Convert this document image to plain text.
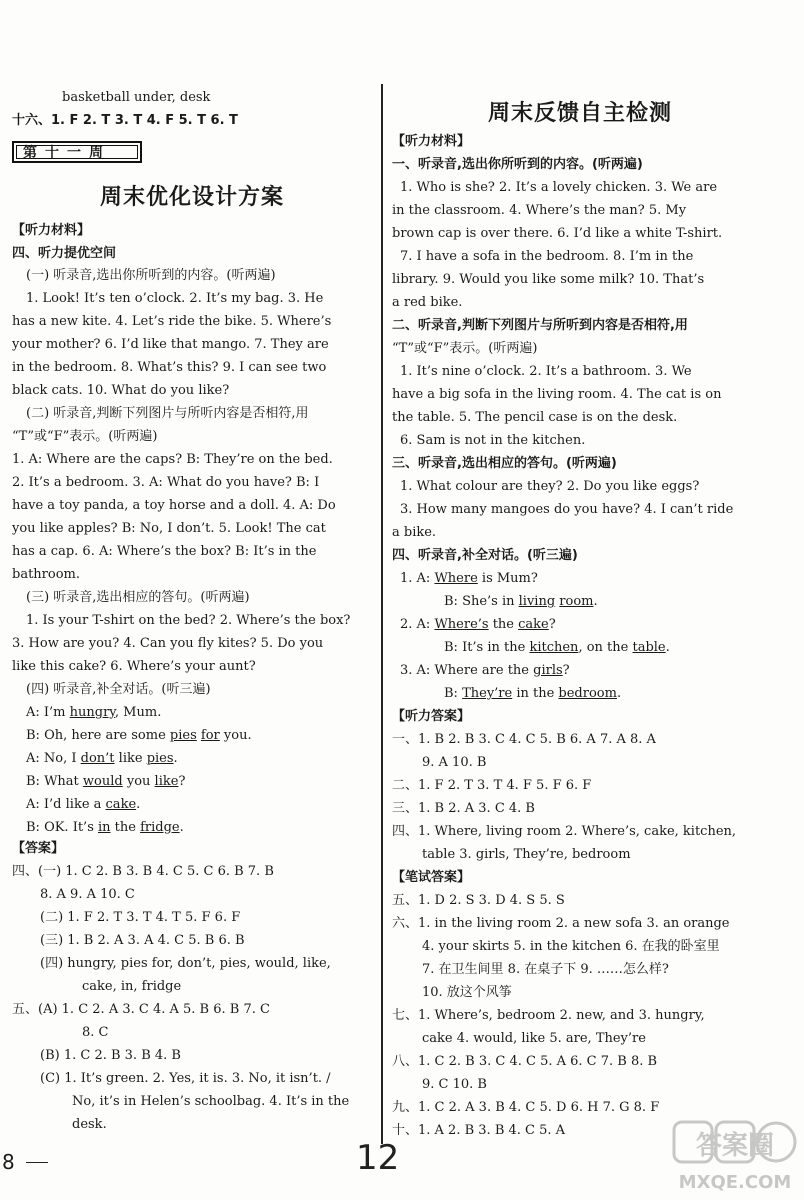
basketball under, desk
十六、1. F 2. T 3. T 4. F 5. T 6. T
第十一周
周末优化设计方案
【听力材料】
四、听力提优空间
(一) 听录音,选出你所听到的内容。(听两遍)
1. Look! It’s ten o’clock. 2. It’s my bag. 3. He
has a new kite. 4. Let’s ride the bike. 5. Where’s
your mother? 6. I’d like that mango. 7. They are
in the bedroom. 8. What’s this? 9. I can see two
black cats. 10. What do you like?
(二) 听录音,判断下列图片与所听内容是否相符,用
“T”或“F”表示。(听两遍)
1. A: Where are the caps? B: They’re on the bed.
2. It’s a bedroom. 3. A: What do you have? B: I
have a toy panda, a toy horse and a doll. 4. A: Do
you like apples? B: No, I don’t. 5. Look! The cat
has a cap. 6. A: Where’s the box? B: It’s in the
bathroom.
(三) 听录音,选出相应的答句。(听两遍)
1. Is your T-shirt on the bed? 2. Where’s the box?
3. How are you? 4. Can you fly kites? 5. Do you
like this cake? 6. Where’s your aunt?
(四) 听录音,补全对话。(听三遍)
A: I’m hungry, Mum.
B: Oh, here are some pies for you.
A: No, I don’t like pies.
B: What would you like?
A: I’d like a cake.
B: OK. It’s in the fridge.
【答案】
四、(一) 1. C 2. B 3. B 4. C 5. C 6. B 7. B
8. A 9. A 10. C
(二) 1. F 2. T 3. T 4. T 5. F 6. F
(三) 1. B 2. A 3. A 4. C 5. B 6. B
(四) hungry, pies for, don’t, pies, would, like,
cake, in, fridge
五、(A) 1. C 2. A 3. C 4. A 5. B 6. B 7. C
8. C
(B) 1. C 2. B 3. B 4. B
(C) 1. It’s green. 2. Yes, it is. 3. No, it isn’t. /
No, it’s in Helen’s schoolbag. 4. It’s in the
desk.
周末反馈自主检测
【听力材料】
一、听录音,选出你所听到的内容。(听两遍)
1. Who is she? 2. It’s a lovely chicken. 3. We are
in the classroom. 4. Where’s the man? 5. My
brown cap is over there. 6. I’d like a white T-shirt.
7. I have a sofa in the bedroom. 8. I’m in the
library. 9. Would you like some milk? 10. That’s
a red bike.
二、听录音,判断下列图片与所听到内容是否相符,用
“T”或“F”表示。(听两遍)
1. It’s nine o’clock. 2. It’s a bathroom. 3. We
have a big sofa in the living room. 4. The cat is on
the table. 5. The pencil case is on the desk.
6. Sam is not in the kitchen.
三、听录音,选出相应的答句。(听两遍)
1. What colour are they? 2. Do you like eggs?
3. How many mangoes do you have? 4. I can’t ride
a bike.
四、听录音,补全对话。(听三遍)
1. A: Where is Mum?
B: She’s in living room.
2. A: Where’s the cake?
B: It’s in the kitchen, on the table.
3. A: Where are the girls?
B: They’re in the bedroom.
【听力答案】
一、1. B 2. B 3. C 4. C 5. B 6. A 7. A 8. A
9. A 10. B
二、1. F 2. T 3. T 4. F 5. F 6. F
三、1. B 2. A 3. C 4. B
四、1. Where, living room 2. Where’s, cake, kitchen,
table 3. girls, They’re, bedroom
【笔试答案】
五、1. D 2. S 3. D 4. S 5. S
六、1. in the living room 2. a new sofa 3. an orange
4. your skirts 5. in the kitchen 6. 在我的卧室里
7. 在卫生间里 8. 在桌子下 9. ……怎么样?
10. 放这个风筝
七、1. Where’s, bedroom 2. new, and 3. hungry,
cake 4. would, like 5. are, They’re
八、1. C 2. B 3. C 4. C 5. A 6. C 7. B 8. B
9. C 10. B
九、1. C 2. A 3. B 4. C 5. D 6. H 7. G 8. F
十、1. A 2. B 3. B 4. C 5. A
8	12	答案圈
MXQE.COM
